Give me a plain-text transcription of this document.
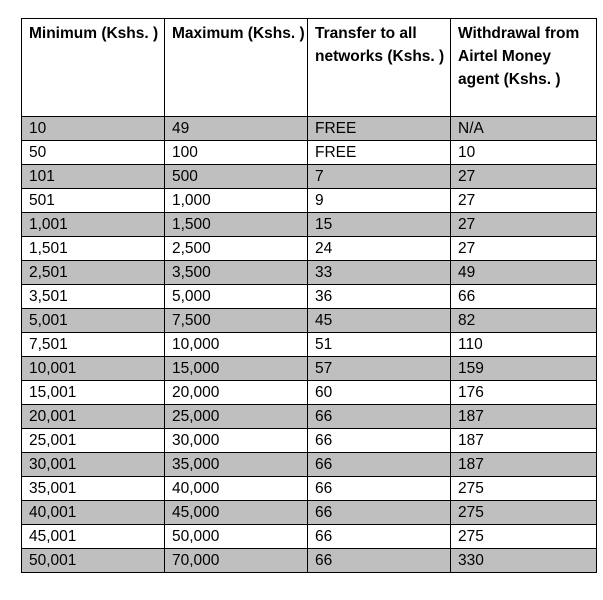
Minimum (Kshs. )	Maximum (Kshs. )	Transfer to all networks (Kshs. )	Withdrawal from Airtel Money agent (Kshs. )
10	49	FREE	N/A
50	100	FREE	10
101	500	7	27
501	1,000	9	27
1,001	1,500	15	27
1,501	2,500	24	27
2,501	3,500	33	49
3,501	5,000	36	66
5,001	7,500	45	82
7,501	10,000	51	110
10,001	15,000	57	159
15,001	20,000	60	176
20,001	25,000	66	187
25,001	30,000	66	187
30,001	35,000	66	187
35,001	40,000	66	275
40,001	45,000	66	275
45,001	50,000	66	275
50,001	70,000	66	330
